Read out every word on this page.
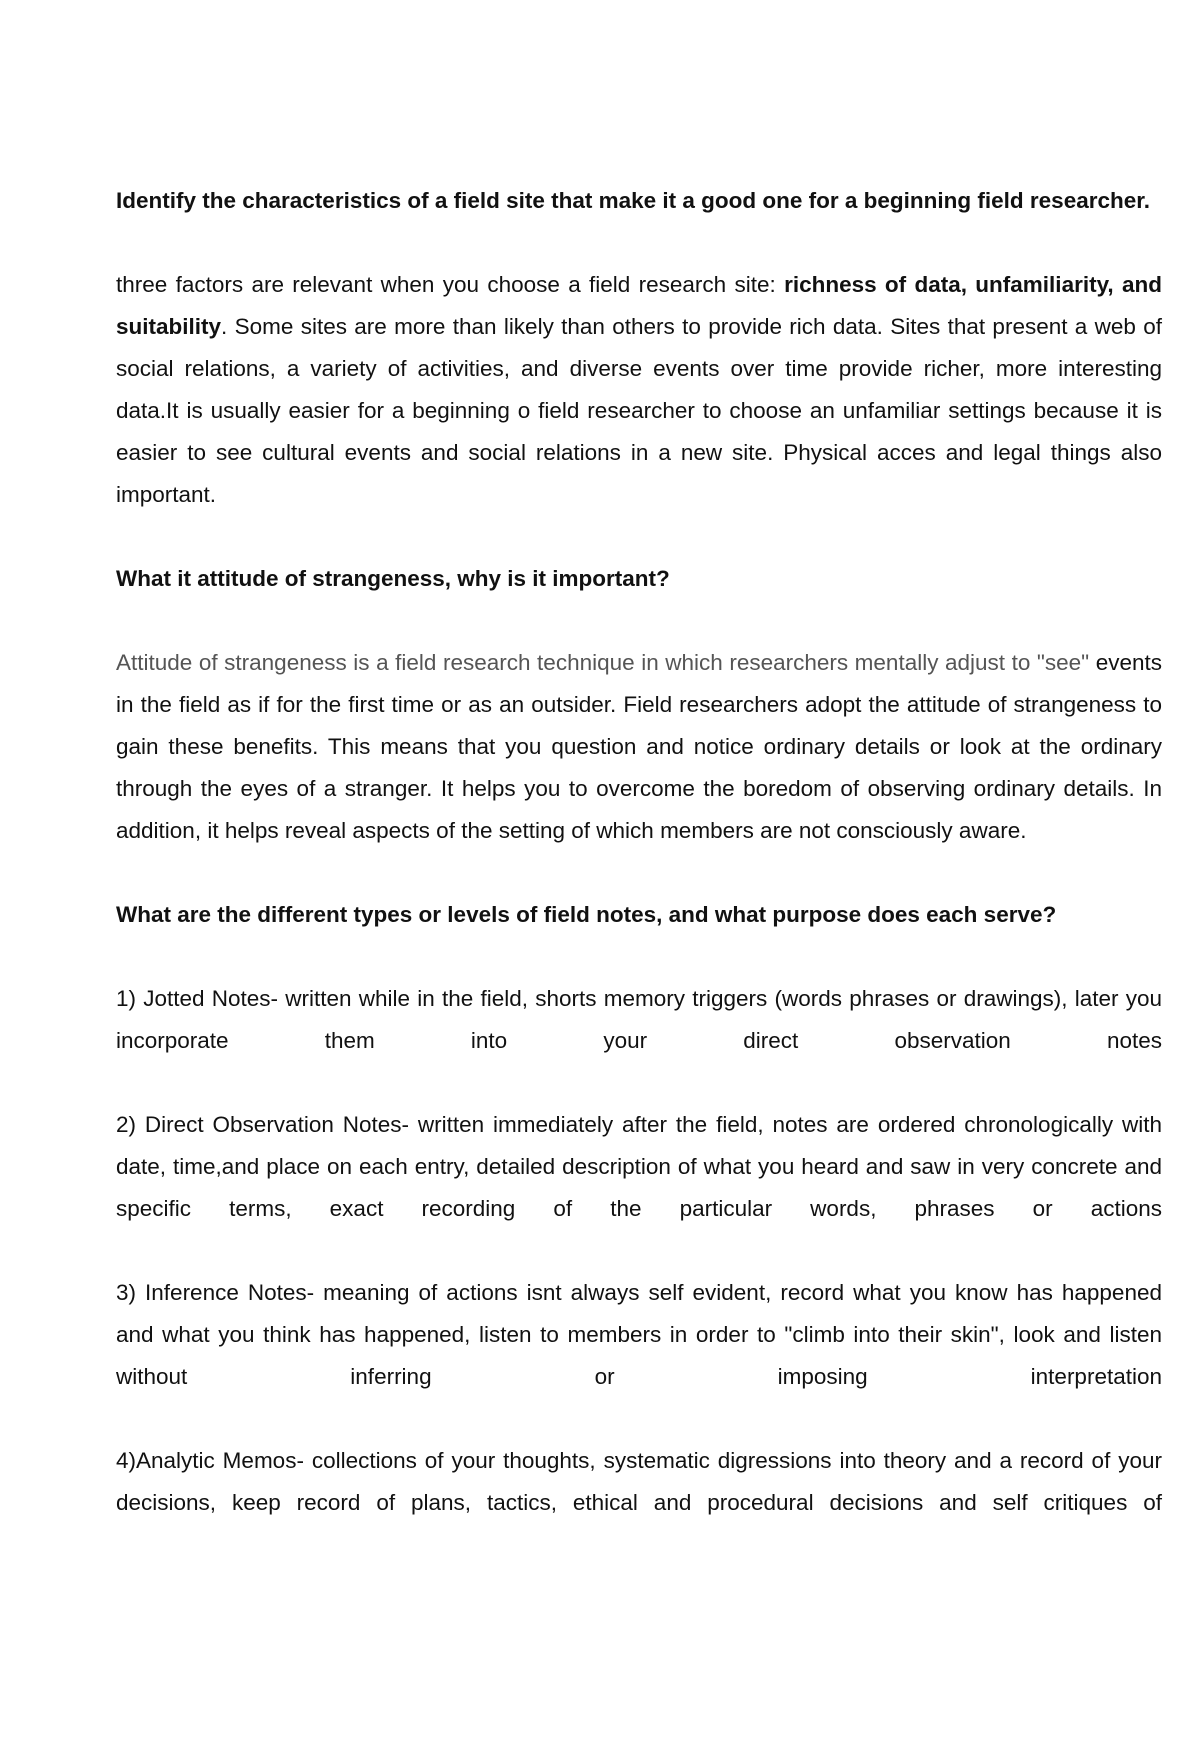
Identify the characteristics of a field site that make it a good one for a beginning field researcher.

three factors are relevant when you choose a field research site: richness of data, unfamiliarity, and suitability. Some sites are more than likely than others to provide rich data. Sites that present a web of social relations, a variety of activities, and diverse events over time provide richer, more interesting data.It is usually easier for a beginning o field researcher to choose an unfamiliar settings because it is easier to see cultural events and social relations in a new site. Physical acces and legal things also important.

What it attitude of strangeness, why is it important?

Attitude of strangeness is a field research technique in which researchers mentally adjust to "see" events in the field as if for the first time or as an outsider. Field researchers adopt the attitude of strangeness to gain these benefits. This means that you question and notice ordinary details or look at the ordinary through the eyes of a stranger. It helps you to overcome the boredom of observing ordinary details. In addition, it helps reveal aspects of the setting of which members are not consciously aware.

What are the different types or levels of field notes, and what purpose does each serve?

1) Jotted Notes- written while in the field, shorts memory triggers (words phrases or drawings), later you incorporate them into your direct observation notes

2) Direct Observation Notes- written immediately after the field, notes are ordered chronologically with date, time,and place on each entry, detailed description of what you heard and saw in very concrete and specific terms, exact recording of the particular words, phrases or actions

3) Inference Notes- meaning of actions isnt always self evident, record what you know has happened and what you think has happened, listen to members in order to "climb into their skin", look and listen without inferring or imposing interpretation

4)Analytic Memos- collections of your thoughts, systematic digressions into theory and a record of your decisions, keep record of plans, tactics, ethical and procedural decisions and self critiques of
